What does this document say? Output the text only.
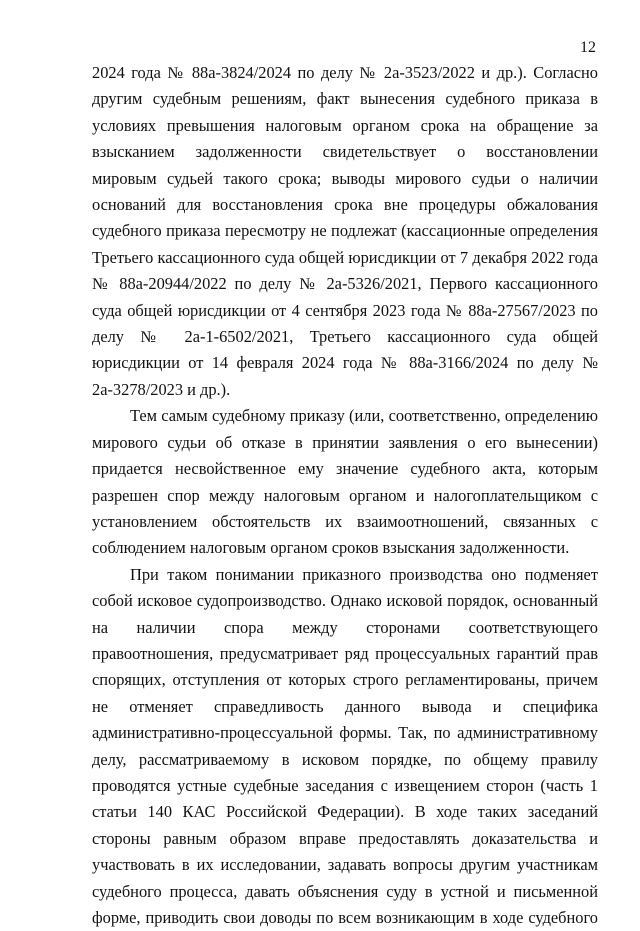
12

2024 года № 88а-3824/2024 по делу № 2а-3523/2022 и др.). Согласно другим судебным решениям, факт вынесения судебного приказа в условиях превышения налоговым органом срока на обращение за взысканием задолженности свидетельствует о восстановлении мировым судьей такого срока; выводы мирового судьи о наличии оснований для восстановления срока вне процедуры обжалования судебного приказа пересмотру не подлежат (кассационные определения Третьего кассационного суда общей юрисдикции от 7 декабря 2022 года № 88а-20944/2022 по делу № 2а-5326/2021, Первого кассационного суда общей юрисдикции от 4 сентября 2023 года № 88а-27567/2023 по делу № 2а-1-6502/2021, Третьего кассационного суда общей юрисдикции от 14 февраля 2024 года № 88а-3166/2024 по делу № 2а-3278/2023 и др.).

Тем самым судебному приказу (или, соответственно, определению мирового судьи об отказе в принятии заявления о его вынесении) придается несвойственное ему значение судебного акта, которым разрешен спор между налоговым органом и налогоплательщиком с установлением обстоятельств их взаимоотношений, связанных с соблюдением налоговым органом сроков взыскания задолженности.

При таком понимании приказного производства оно подменяет собой исковое судопроизводство. Однако исковой порядок, основанный на наличии спора между сторонами соответствующего правоотношения, предусматривает ряд процессуальных гарантий прав спорящих, отступления от которых строго регламентированы, причем не отменяет справедливость данного вывода и специфика административно-процессуальной формы. Так, по административному делу, рассматриваемому в исковом порядке, по общему правилу проводятся устные судебные заседания с извещением сторон (часть 1 статьи 140 КАС Российской Федерации). В ходе таких заседаний стороны равным образом вправе предоставлять доказательства и участвовать в их исследовании, задавать вопросы другим участникам судебного процесса, давать объяснения суду в устной и письменной форме, приводить свои доводы по всем возникающим в ходе судебного
